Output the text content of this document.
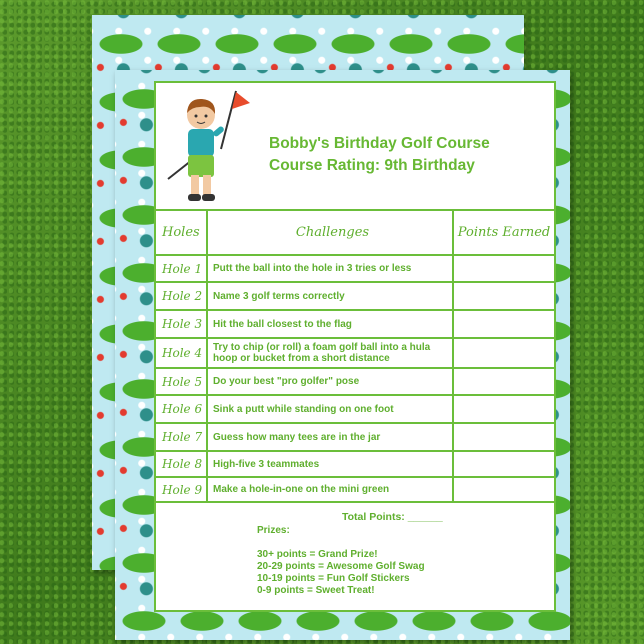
Bobby's Birthday Golf Course
Course Rating: 9th Birthday
Holes	Challenges	Points Earned
Hole 1	Putt the ball into the hole in 3 tries or less
Hole 2	Name 3 golf terms correctly
Hole 3	Hit the ball closest to the flag
Hole 4	Try to chip (or roll) a foam golf ball into a hula hoop or bucket from a short distance
Hole 5	Do your best "pro golfer" pose
Hole 6	Sink a putt while standing on one foot
Hole 7	Guess how many tees are in the jar
Hole 8	High-five 3 teammates
Hole 9	Make a hole-in-one on the mini green
Total Points: ______
Prizes:
30+ points = Grand Prize!
20-29 points = Awesome Golf Swag
10-19 points = Fun Golf Stickers
0-9 points = Sweet Treat!
